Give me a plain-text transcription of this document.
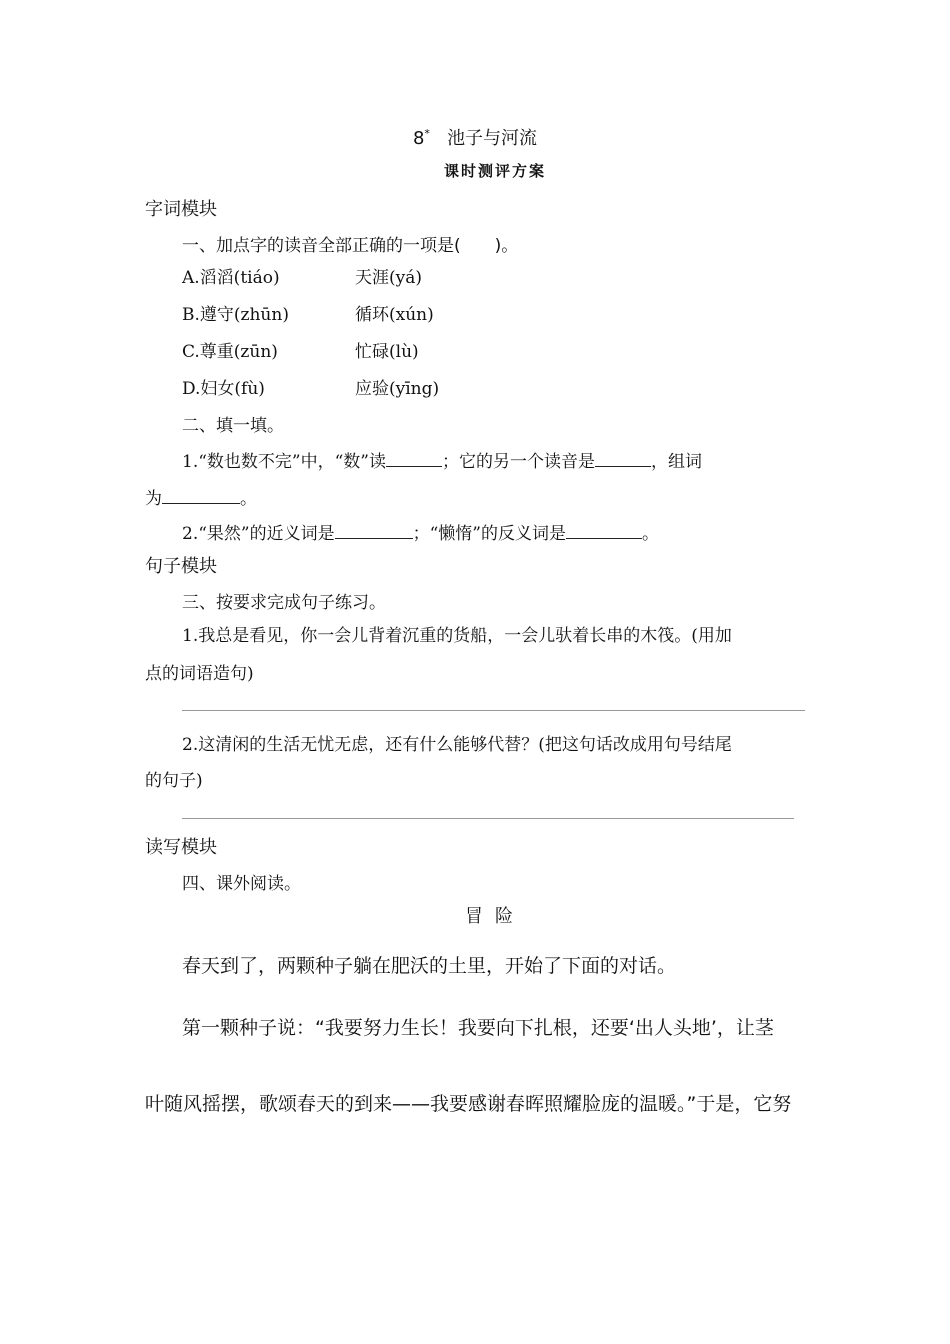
8* 池子与河流
课时测评方案
字词模块
一、加点字的读音全部正确的一项是(　　)。
A.滔滔(tiáo)	天涯(yá)
B.遵守(zhūn)	循环(xún)
C.尊重(zūn)	忙碌(lù)
D.妇女(fù)	应验(yīng)
二、填一填。
1.“数也数不完”中，“数”读	；它的另一个读音是	，组词
为	。
2.“果然”的近义词是	；“懒惰”的反义词是	。
句子模块
三、按要求完成句子练习。
1.我总是看见，你一会儿背着沉重的货船，一会儿驮着长串的木筏。(用加
点的词语造句)
2.这清闲的生活无忧无虑，还有什么能够代替？(把这句话改成用句号结尾
的句子)
读写模块
四、课外阅读。
冒险
春天到了，两颗种子躺在肥沃的土里，开始了下面的对话。
第一颗种子说：“我要努力生长！我要向下扎根，还要‘出人头地’，让茎
叶随风摇摆，歌颂春天的到来——我要感谢春晖照耀脸庞的温暖。”于是，它努
